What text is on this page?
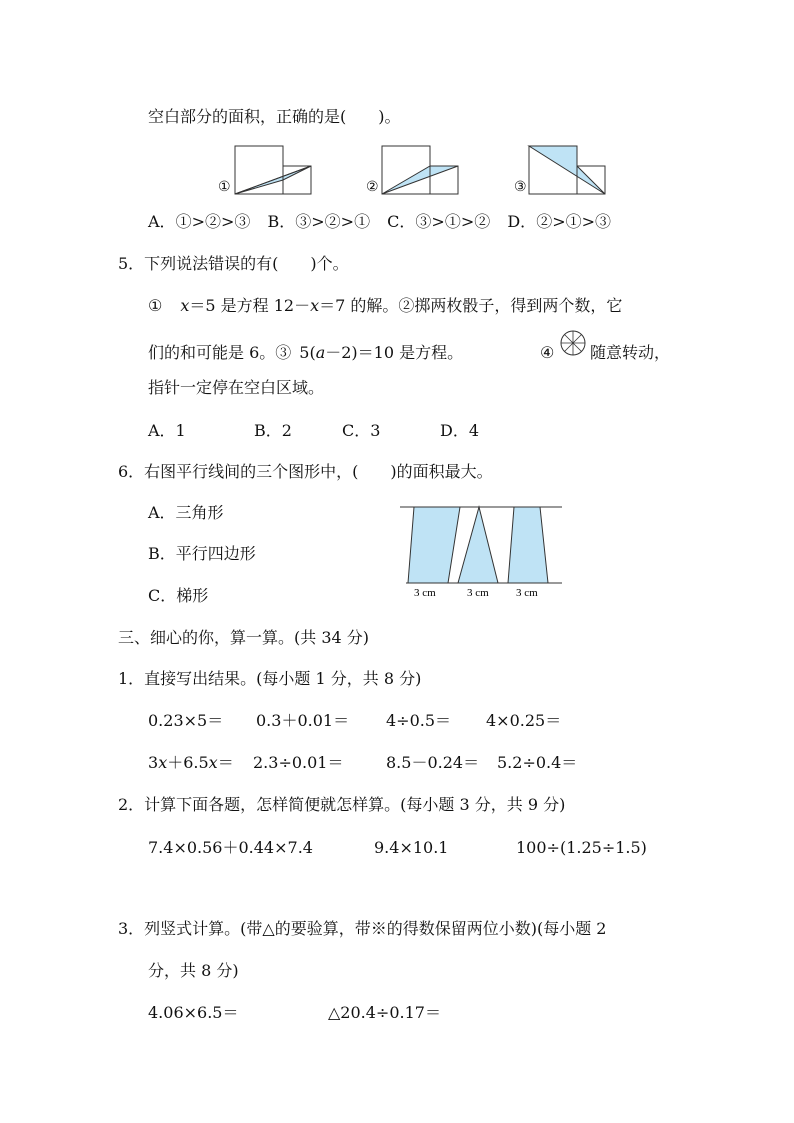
空白部分的面积，正确的是(　　)。
①	②	③
A．①>②>③ B．③>②>① C．③>①>② D．②>①>③
5．下列说法错误的有(　　)个。
① x＝5 是方程 12－x＝7 的解。②掷两枚骰子，得到两个数，它
们的和可能是 6。③ 5(a－2)＝10 是方程。	④ 随意转动，
指针一定停在空白区域。
A．1	B．2	C．3	D．4
6．右图平行线间的三个图形中，(　　)的面积最大。
A．三角形
B．平行四边形
C．梯形	3 cm	3 cm 3 cm
三、细心的你，算一算。(共 34 分)
1．直接写出结果。(每小题 1 分，共 8 分)
0.23×5＝ 0.3＋0.01＝ 4÷0.5＝ 4×0.25＝
3x＋6.5x＝ 2.3÷0.01＝	8.5－0.24＝ 5.2÷0.4＝
2．计算下面各题，怎样简便就怎样算。(每小题 3 分，共 9 分)
7.4×0.56＋0.44×7.4	9.4×10.1	100÷(1.25÷1.5)
3．列竖式计算。(带△的要验算，带※的得数保留两位小数)(每小题 2
分，共 8 分)
4.06×6.5＝	△20.4÷0.17＝
